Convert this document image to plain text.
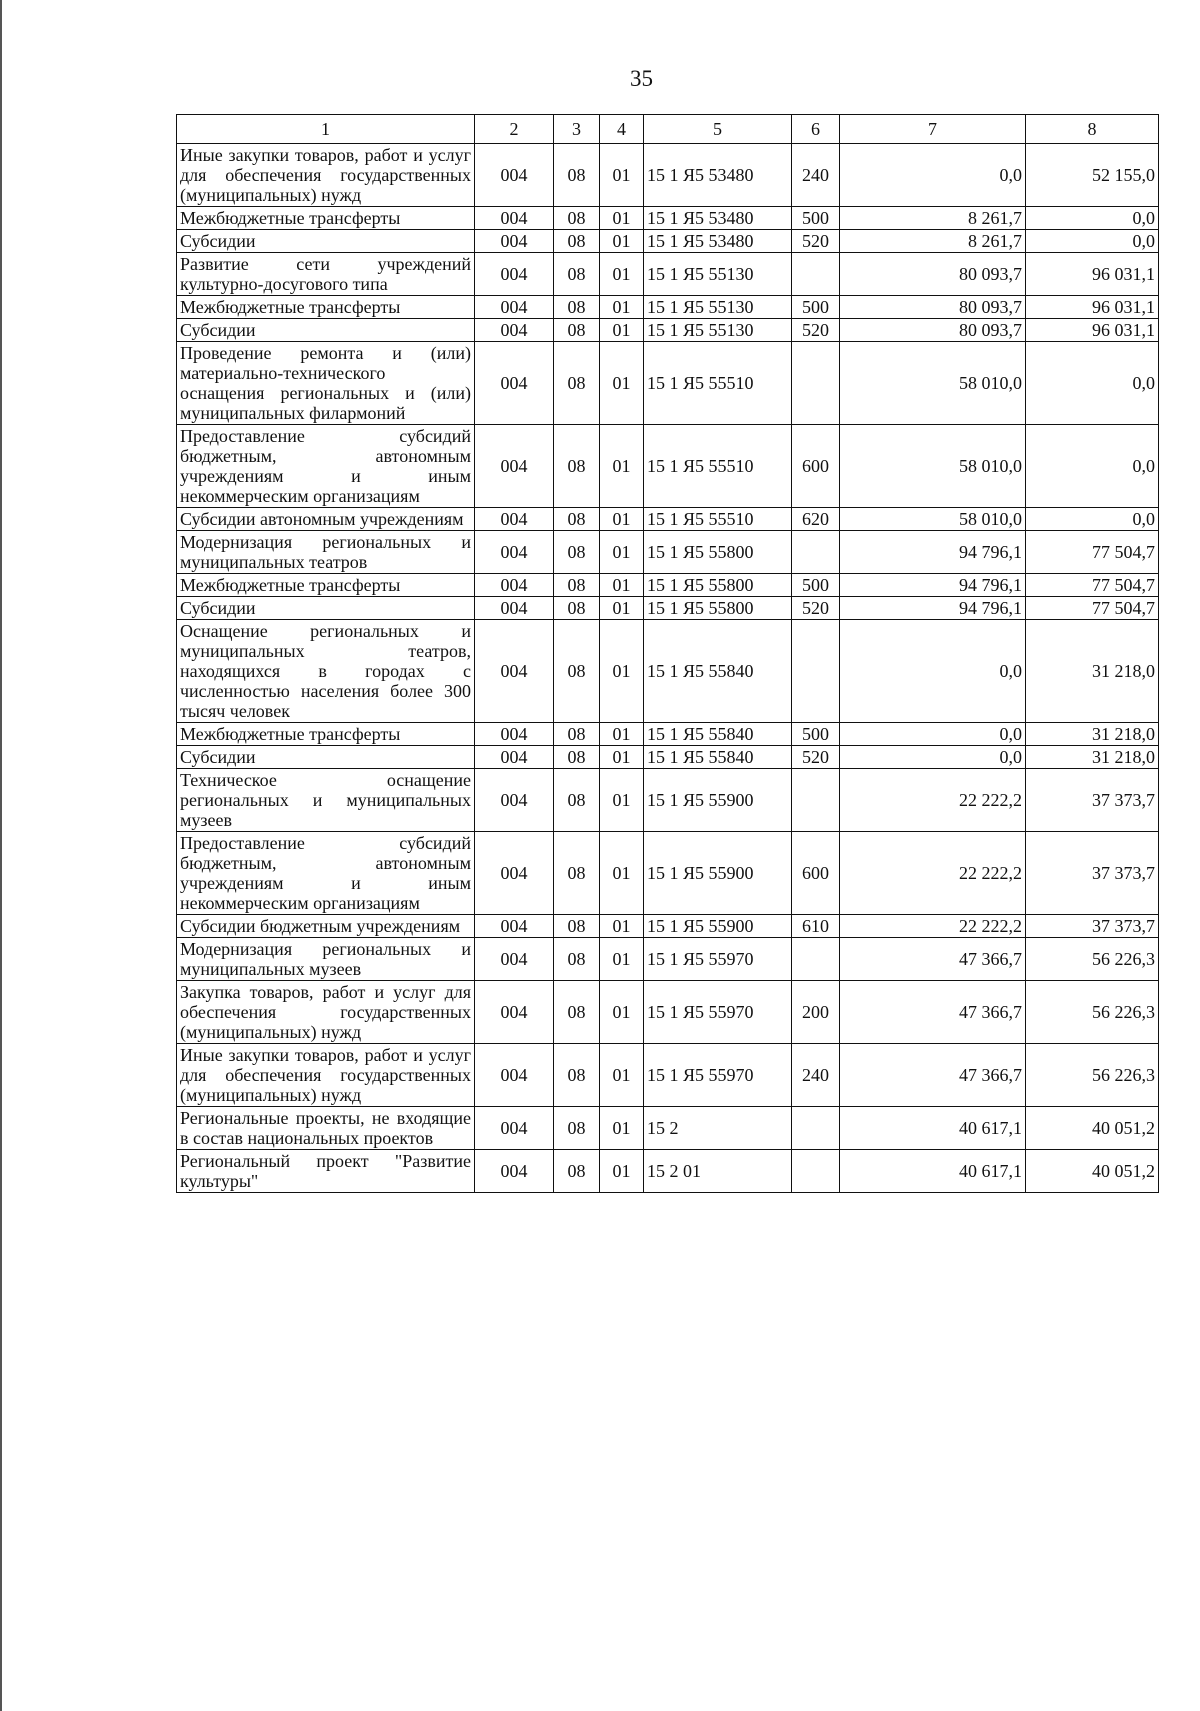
35
1	2	3	4	5	6	7	8
Иные закупки товаров, работ и услуг для обеспечения государственных (муниципальных) нужд	004	08	01	15 1 Я5 53480	240	0,0	52 155,0
Межбюджетные трансферты	004	08	01	15 1 Я5 53480	500	8 261,7	0,0
Субсидии	004	08	01	15 1 Я5 53480	520	8 261,7	0,0
Развитие сети учреждений культурно-досугового типа	004	08	01	15 1 Я5 55130		80 093,7	96 031,1
Межбюджетные трансферты	004	08	01	15 1 Я5 55130	500	80 093,7	96 031,1
Субсидии	004	08	01	15 1 Я5 55130	520	80 093,7	96 031,1
Проведение ремонта и (или) материально-технического оснащения региональных и (или) муниципальных филармоний	004	08	01	15 1 Я5 55510		58 010,0	0,0
Предоставление субсидий бюджетным, автономным учреждениям и иным некоммерческим организациям	004	08	01	15 1 Я5 55510	600	58 010,0	0,0
Субсидии автономным учреждениям	004	08	01	15 1 Я5 55510	620	58 010,0	0,0
Модернизация региональных и муниципальных театров	004	08	01	15 1 Я5 55800		94 796,1	77 504,7
Межбюджетные трансферты	004	08	01	15 1 Я5 55800	500	94 796,1	77 504,7
Субсидии	004	08	01	15 1 Я5 55800	520	94 796,1	77 504,7
Оснащение региональных и муниципальных театров, находящихся в городах с численностью населения более 300 тысяч человек	004	08	01	15 1 Я5 55840		0,0	31 218,0
Межбюджетные трансферты	004	08	01	15 1 Я5 55840	500	0,0	31 218,0
Субсидии	004	08	01	15 1 Я5 55840	520	0,0	31 218,0
Техническое оснащение региональных и муниципальных музеев	004	08	01	15 1 Я5 55900		22 222,2	37 373,7
Предоставление субсидий бюджетным, автономным учреждениям и иным некоммерческим организациям	004	08	01	15 1 Я5 55900	600	22 222,2	37 373,7
Субсидии бюджетным учреждениям	004	08	01	15 1 Я5 55900	610	22 222,2	37 373,7
Модернизация региональных и муниципальных музеев	004	08	01	15 1 Я5 55970		47 366,7	56 226,3
Закупка товаров, работ и услуг для обеспечения государственных (муниципальных) нужд	004	08	01	15 1 Я5 55970	200	47 366,7	56 226,3
Иные закупки товаров, работ и услуг для обеспечения государственных (муниципальных) нужд	004	08	01	15 1 Я5 55970	240	47 366,7	56 226,3
Региональные проекты, не входящие в состав национальных проектов	004	08	01	15 2		40 617,1	40 051,2
Региональный проект "Развитие культуры"	004	08	01	15 2 01		40 617,1	40 051,2
